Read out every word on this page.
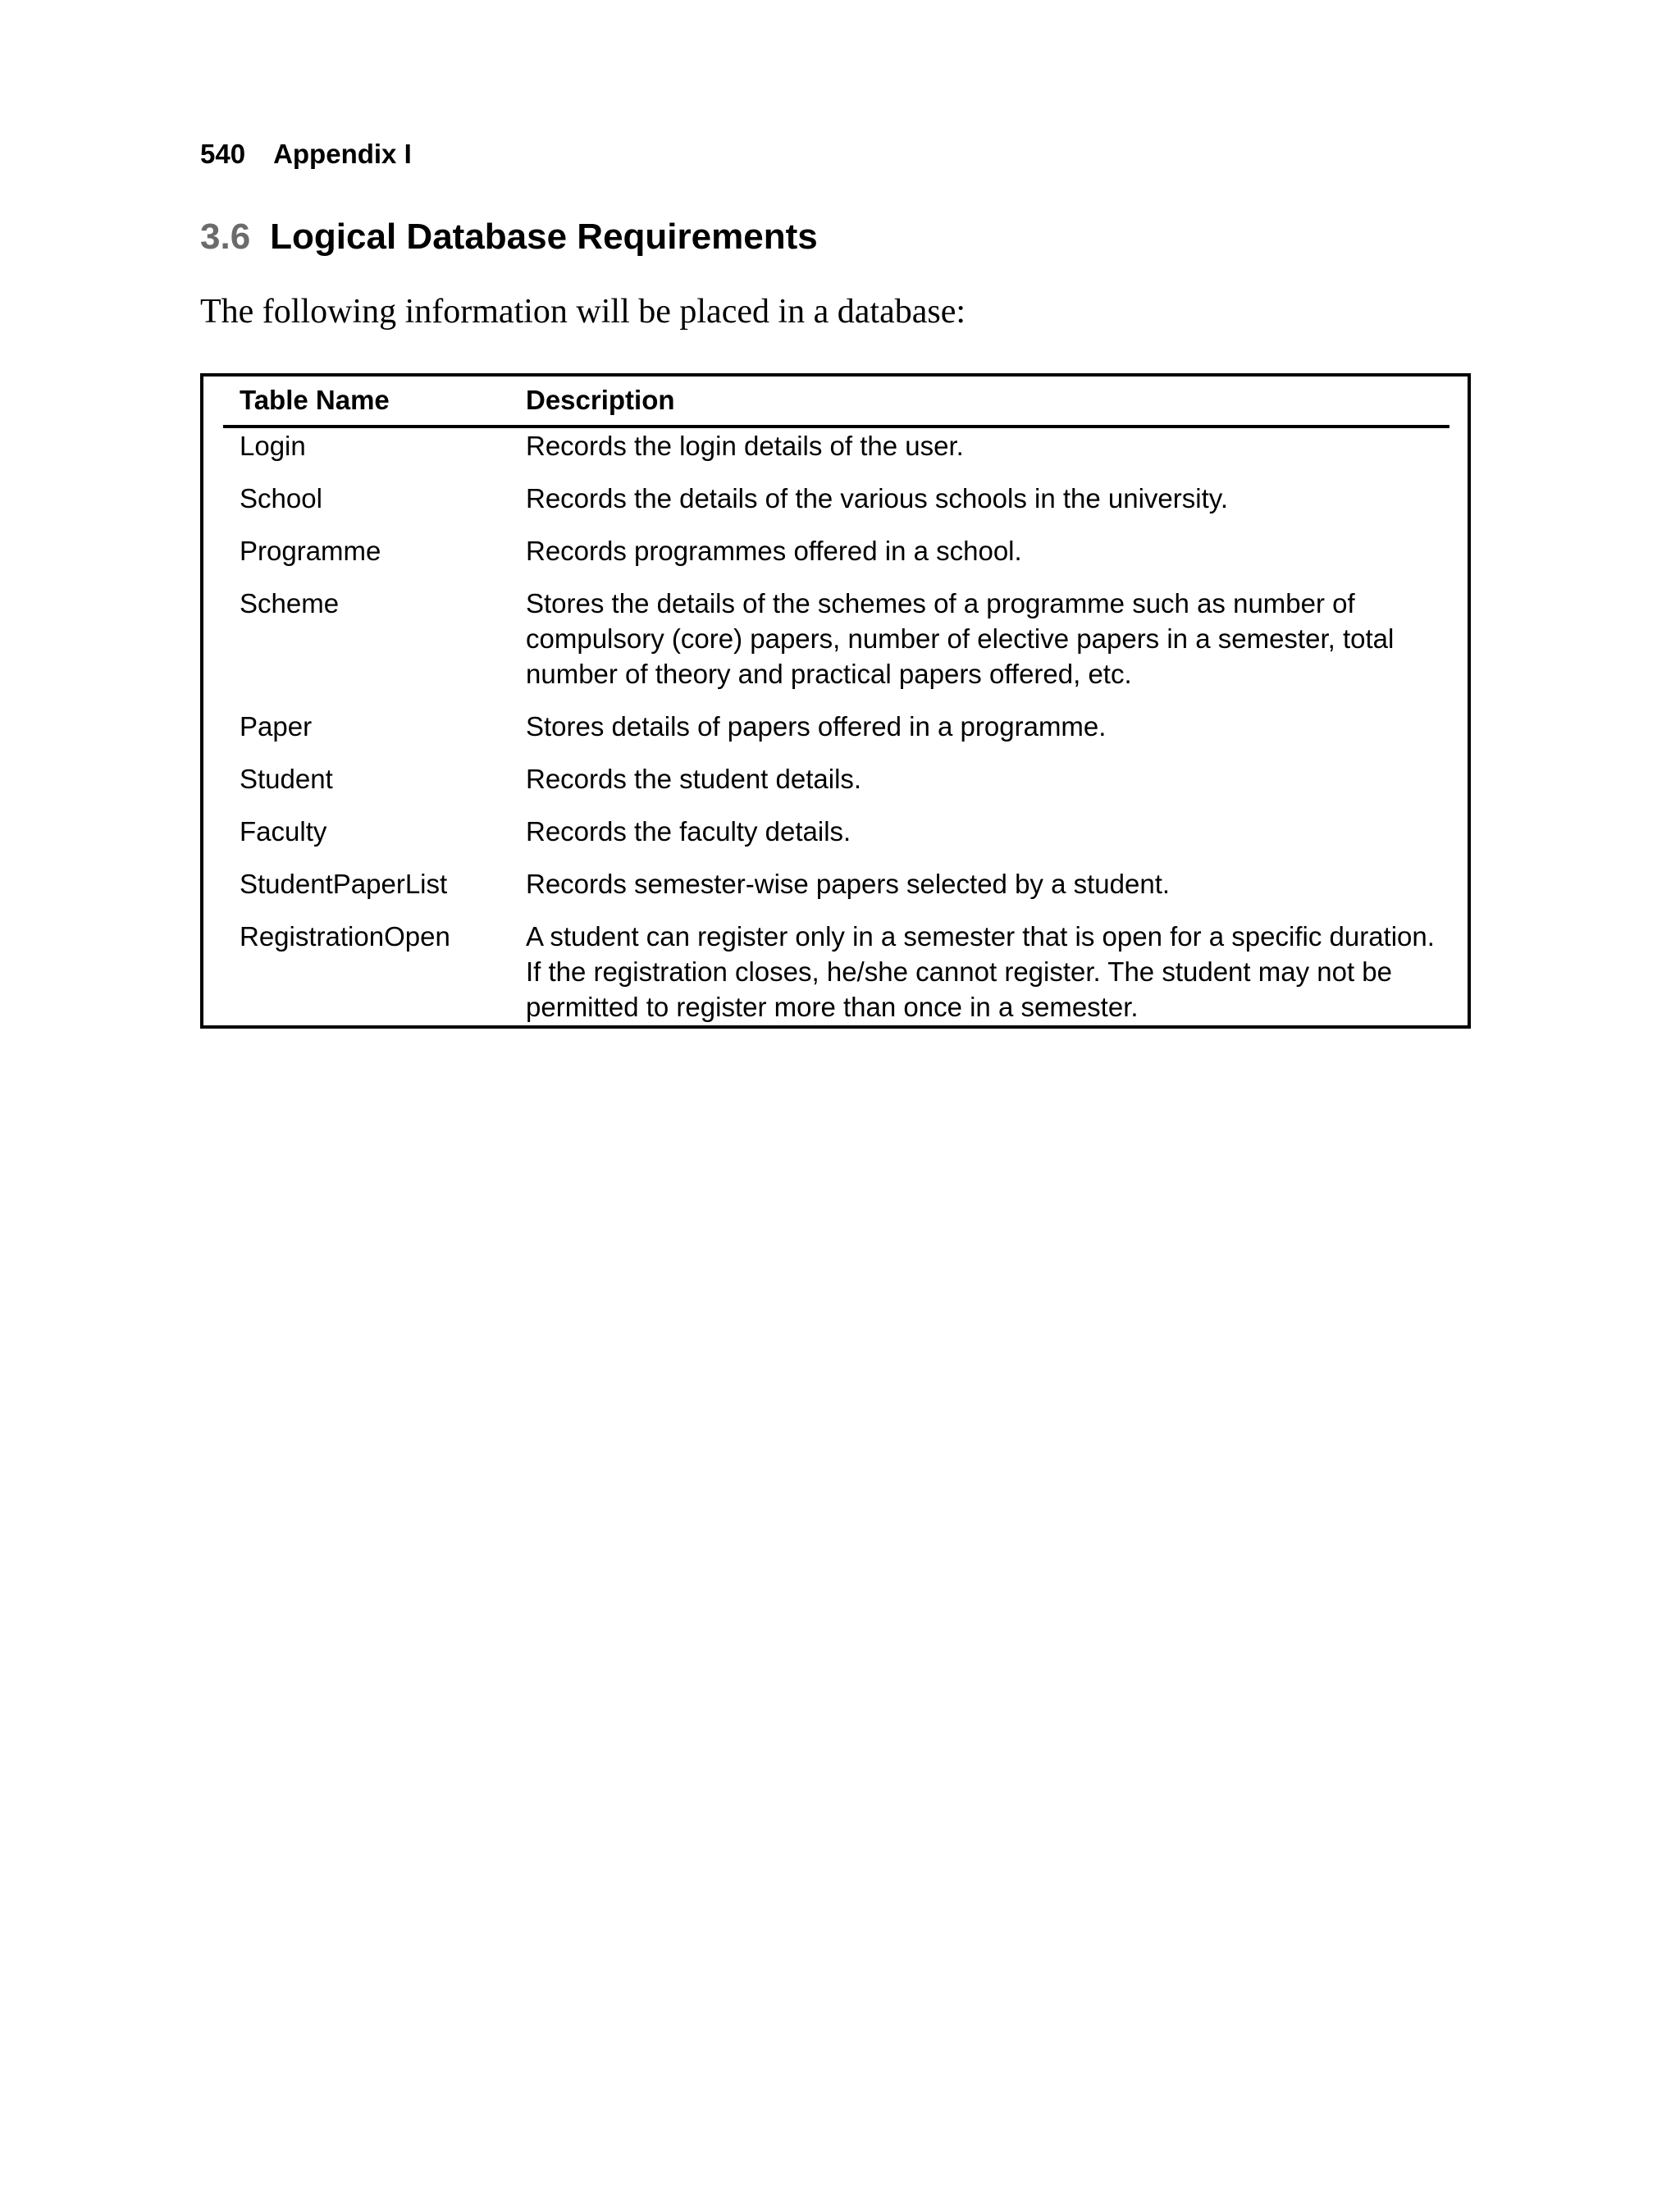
540 Appendix I
3.6 Logical Database Requirements
The following information will be placed in a database:
Table Name	Description
Login	Records the login details of the user.
School	Records the details of the various schools in the university.
Programme	Records programmes offered in a school.
Scheme	Stores the details of the schemes of a programme such as number of compulsory (core) papers, number of elective papers in a semester, total number of theory and practical papers offered, etc.
Paper	Stores details of papers offered in a programme.
Student	Records the student details.
Faculty	Records the faculty details.
StudentPaperList	Records semester-wise papers selected by a student.
RegistrationOpen	A student can register only in a semester that is open for a specific duration. If the registration closes, he/she cannot register. The student may not be permitted to register more than once in a semester.
